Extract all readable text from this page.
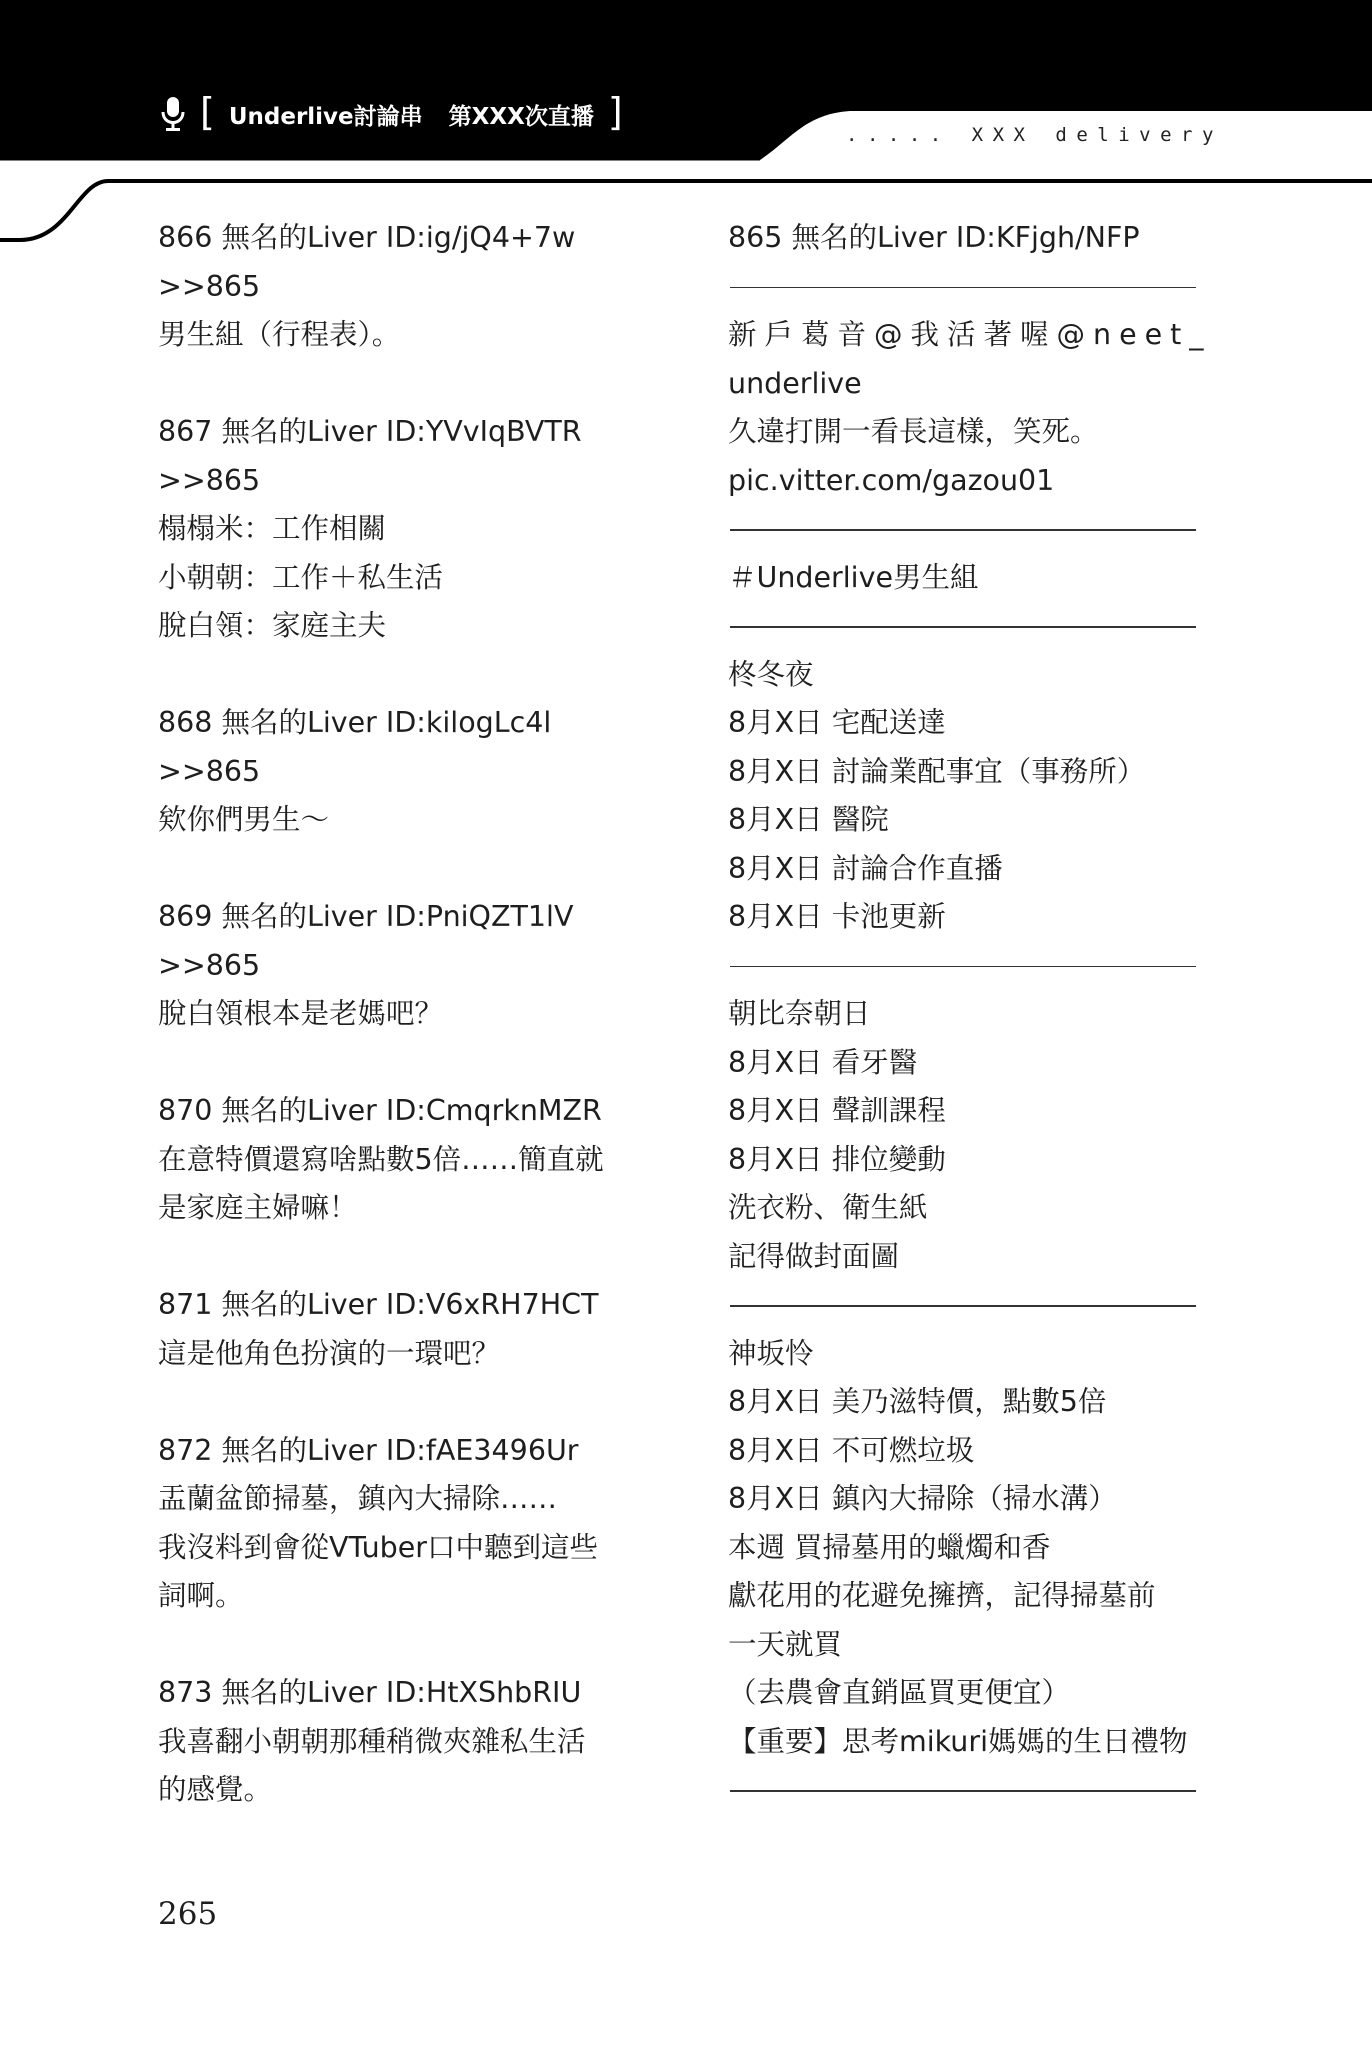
[ Underlive討論串 第XXX次直播 ]
..... XXX delivery
866 無名的Liver ID:ig/jQ4+7w
>>865
男生組（行程表）。
867 無名的Liver ID:YVvIqBVTR
>>865
榻榻米：工作相關
小朝朝：工作＋私生活
脫白領：家庭主夫
868 無名的Liver ID:kilogLc4l
>>865
欸你們男生～
869 無名的Liver ID:PniQZT1lV
>>865
脫白領根本是老媽吧？
870 無名的Liver ID:CmqrknMZR
在意特價還寫啥點數5倍……簡直就
是家庭主婦嘛！
871 無名的Liver ID:V6xRH7HCT
這是他角色扮演的一環吧？
872 無名的Liver ID:fAE3496Ur
盂蘭盆節掃墓，鎮內大掃除……
我沒料到會從VTuber口中聽到這些
詞啊。
873 無名的Liver ID:HtXShbRIU
我喜翻小朝朝那種稍微夾雜私生活
的感覺。
865 無名的Liver ID:KFjgh/NFP
新戶葛音@我活著喔@neet_
underlive
久違打開一看長這樣，笑死。
pic.vitter.com/gazou01
＃Underlive男生組
柊冬夜
8月X日 宅配送達
8月X日 討論業配事宜（事務所）
8月X日 醫院
8月X日 討論合作直播
8月X日 卡池更新
朝比奈朝日
8月X日 看牙醫
8月X日 聲訓課程
8月X日 排位變動
洗衣粉、衛生紙
記得做封面圖
神坂怜
8月X日 美乃滋特價，點數5倍
8月X日 不可燃垃圾
8月X日 鎮內大掃除（掃水溝）
本週 買掃墓用的蠟燭和香
獻花用的花避免擁擠，記得掃墓前
一天就買
（去農會直銷區買更便宜）
【重要】思考mikuri媽媽的生日禮物
265
